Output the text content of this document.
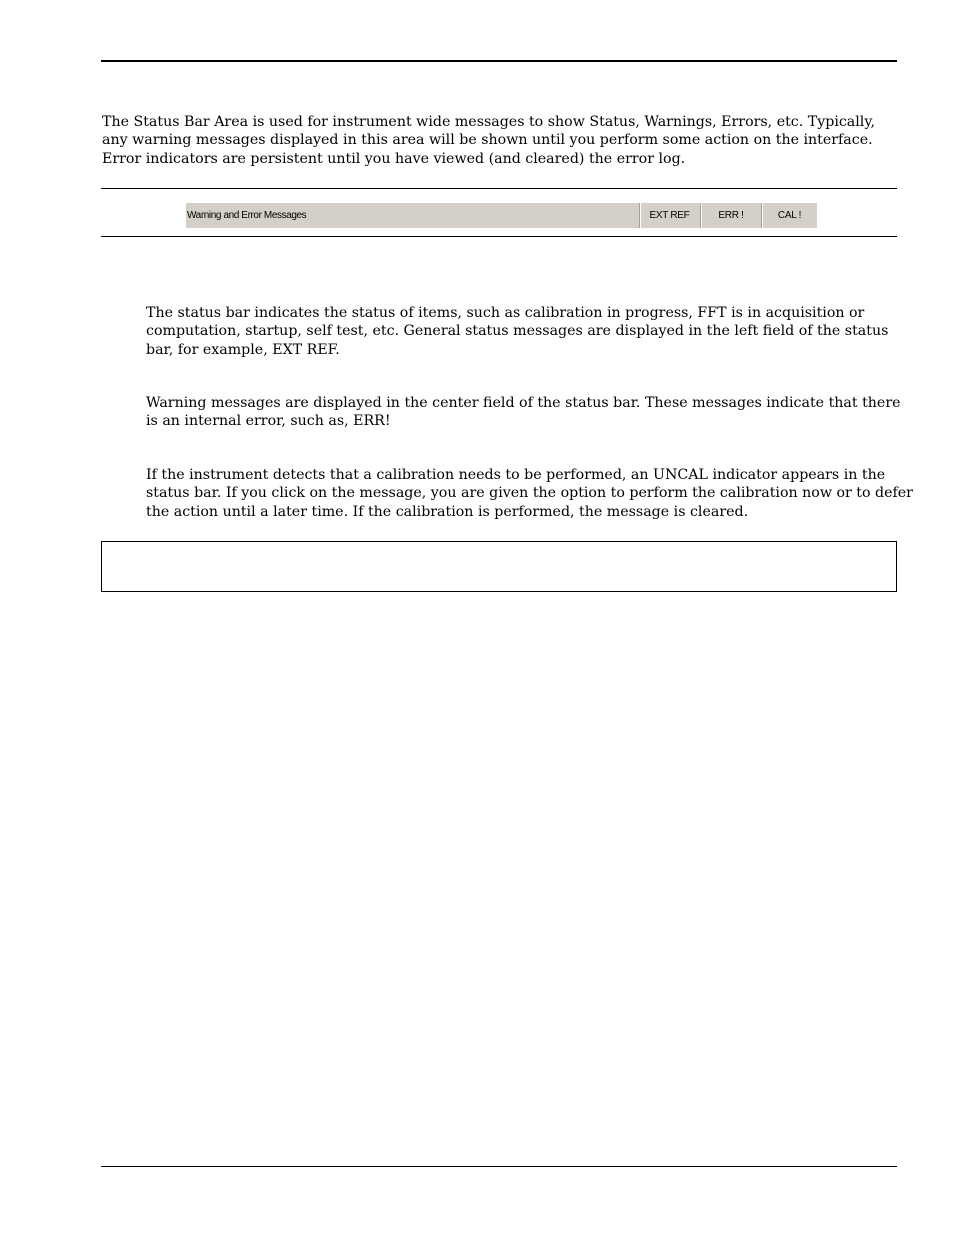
The Status Bar Area is used for instrument wide messages to show Status, Warnings, Errors, etc. Typically,
any warning messages displayed in this area will be shown until you perform some action on the interface.
Error indicators are persistent until you have viewed (and cleared) the error log.

Warning and Error Messages	EXT REF	ERR !	CAL !

The status bar indicates the status of items, such as calibration in progress, FFT is in acquisition or
computation, startup, self test, etc. General status messages are displayed in the left field of the status
bar, for example, EXT REF.

Warning messages are displayed in the center field of the status bar. These messages indicate that there
is an internal error, such as, ERR!

If the instrument detects that a calibration needs to be performed, an UNCAL indicator appears in the
status bar. If you click on the message, you are given the option to perform the calibration now or to defer
the action until a later time. If the calibration is performed, the message is cleared.
